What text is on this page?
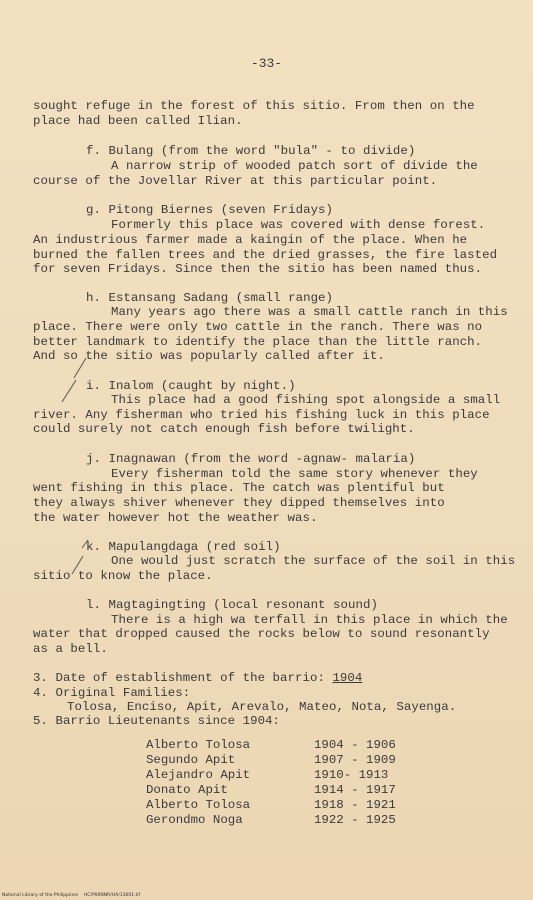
-33-
sought refuge in the forest of this sitio. From then on the
place had been called Ilian.
f. Bulang (from the word "bula" - to divide)
A narrow strip of wooded patch sort of divide the
course of the Jovellar River at this particular point.
g. Pitong Biernes (seven Fridays)
Formerly this place was covered with dense forest.
An industrious farmer made a kaingin of the place. When he
burned the fallen trees and the dried grasses, the fire lasted
for seven Fridays. Since then the sitio has been named thus.
h. Estansang Sadang (small range)
Many years ago there was a small cattle ranch in this
place. There were only two cattle in the ranch. There was no
better landmark to identify the place than the little ranch.
And so the sitio was popularly called after it.
i. Inalom (caught by night.)
This place had a good fishing spot alongside a small
river. Any fisherman who tried his fishing luck in this place
could surely not catch enough fish before twilight.
j. Inagnawan (from the word -agnaw- malaria)
Every fisherman told the same story whenever they
went fishing in this place. The catch was plentiful but
they always shiver whenever they dipped themselves into
the water however hot the weather was.
k. Mapulangdaga (red soil)
One would just scratch the surface of the soil in this
sitio to know the place.
l. Magtagingting (local resonant sound)
There is a high wa terfall in this place in which the
water that dropped caused the rocks below to sound resonantly
as a bell.
3. Date of establishment of the barrio: 1904
4. Original Families:
Tolosa, Enciso, Apit, Arevalo, Mateo, Nota, Sayenga.
5. Barrio Lieutenants since 1904:
Alberto Tolosa	1904 - 1906
Segundo Apit	1907 - 1909
Alejandro Apit	1910- 1913
Donato Apit	1914 - 1917
Alberto Tolosa	1918 - 1921
Gerondmo Noga	1922 - 1925
National Library of the Philippines    HC/P00NNR/HA/13601.tif
